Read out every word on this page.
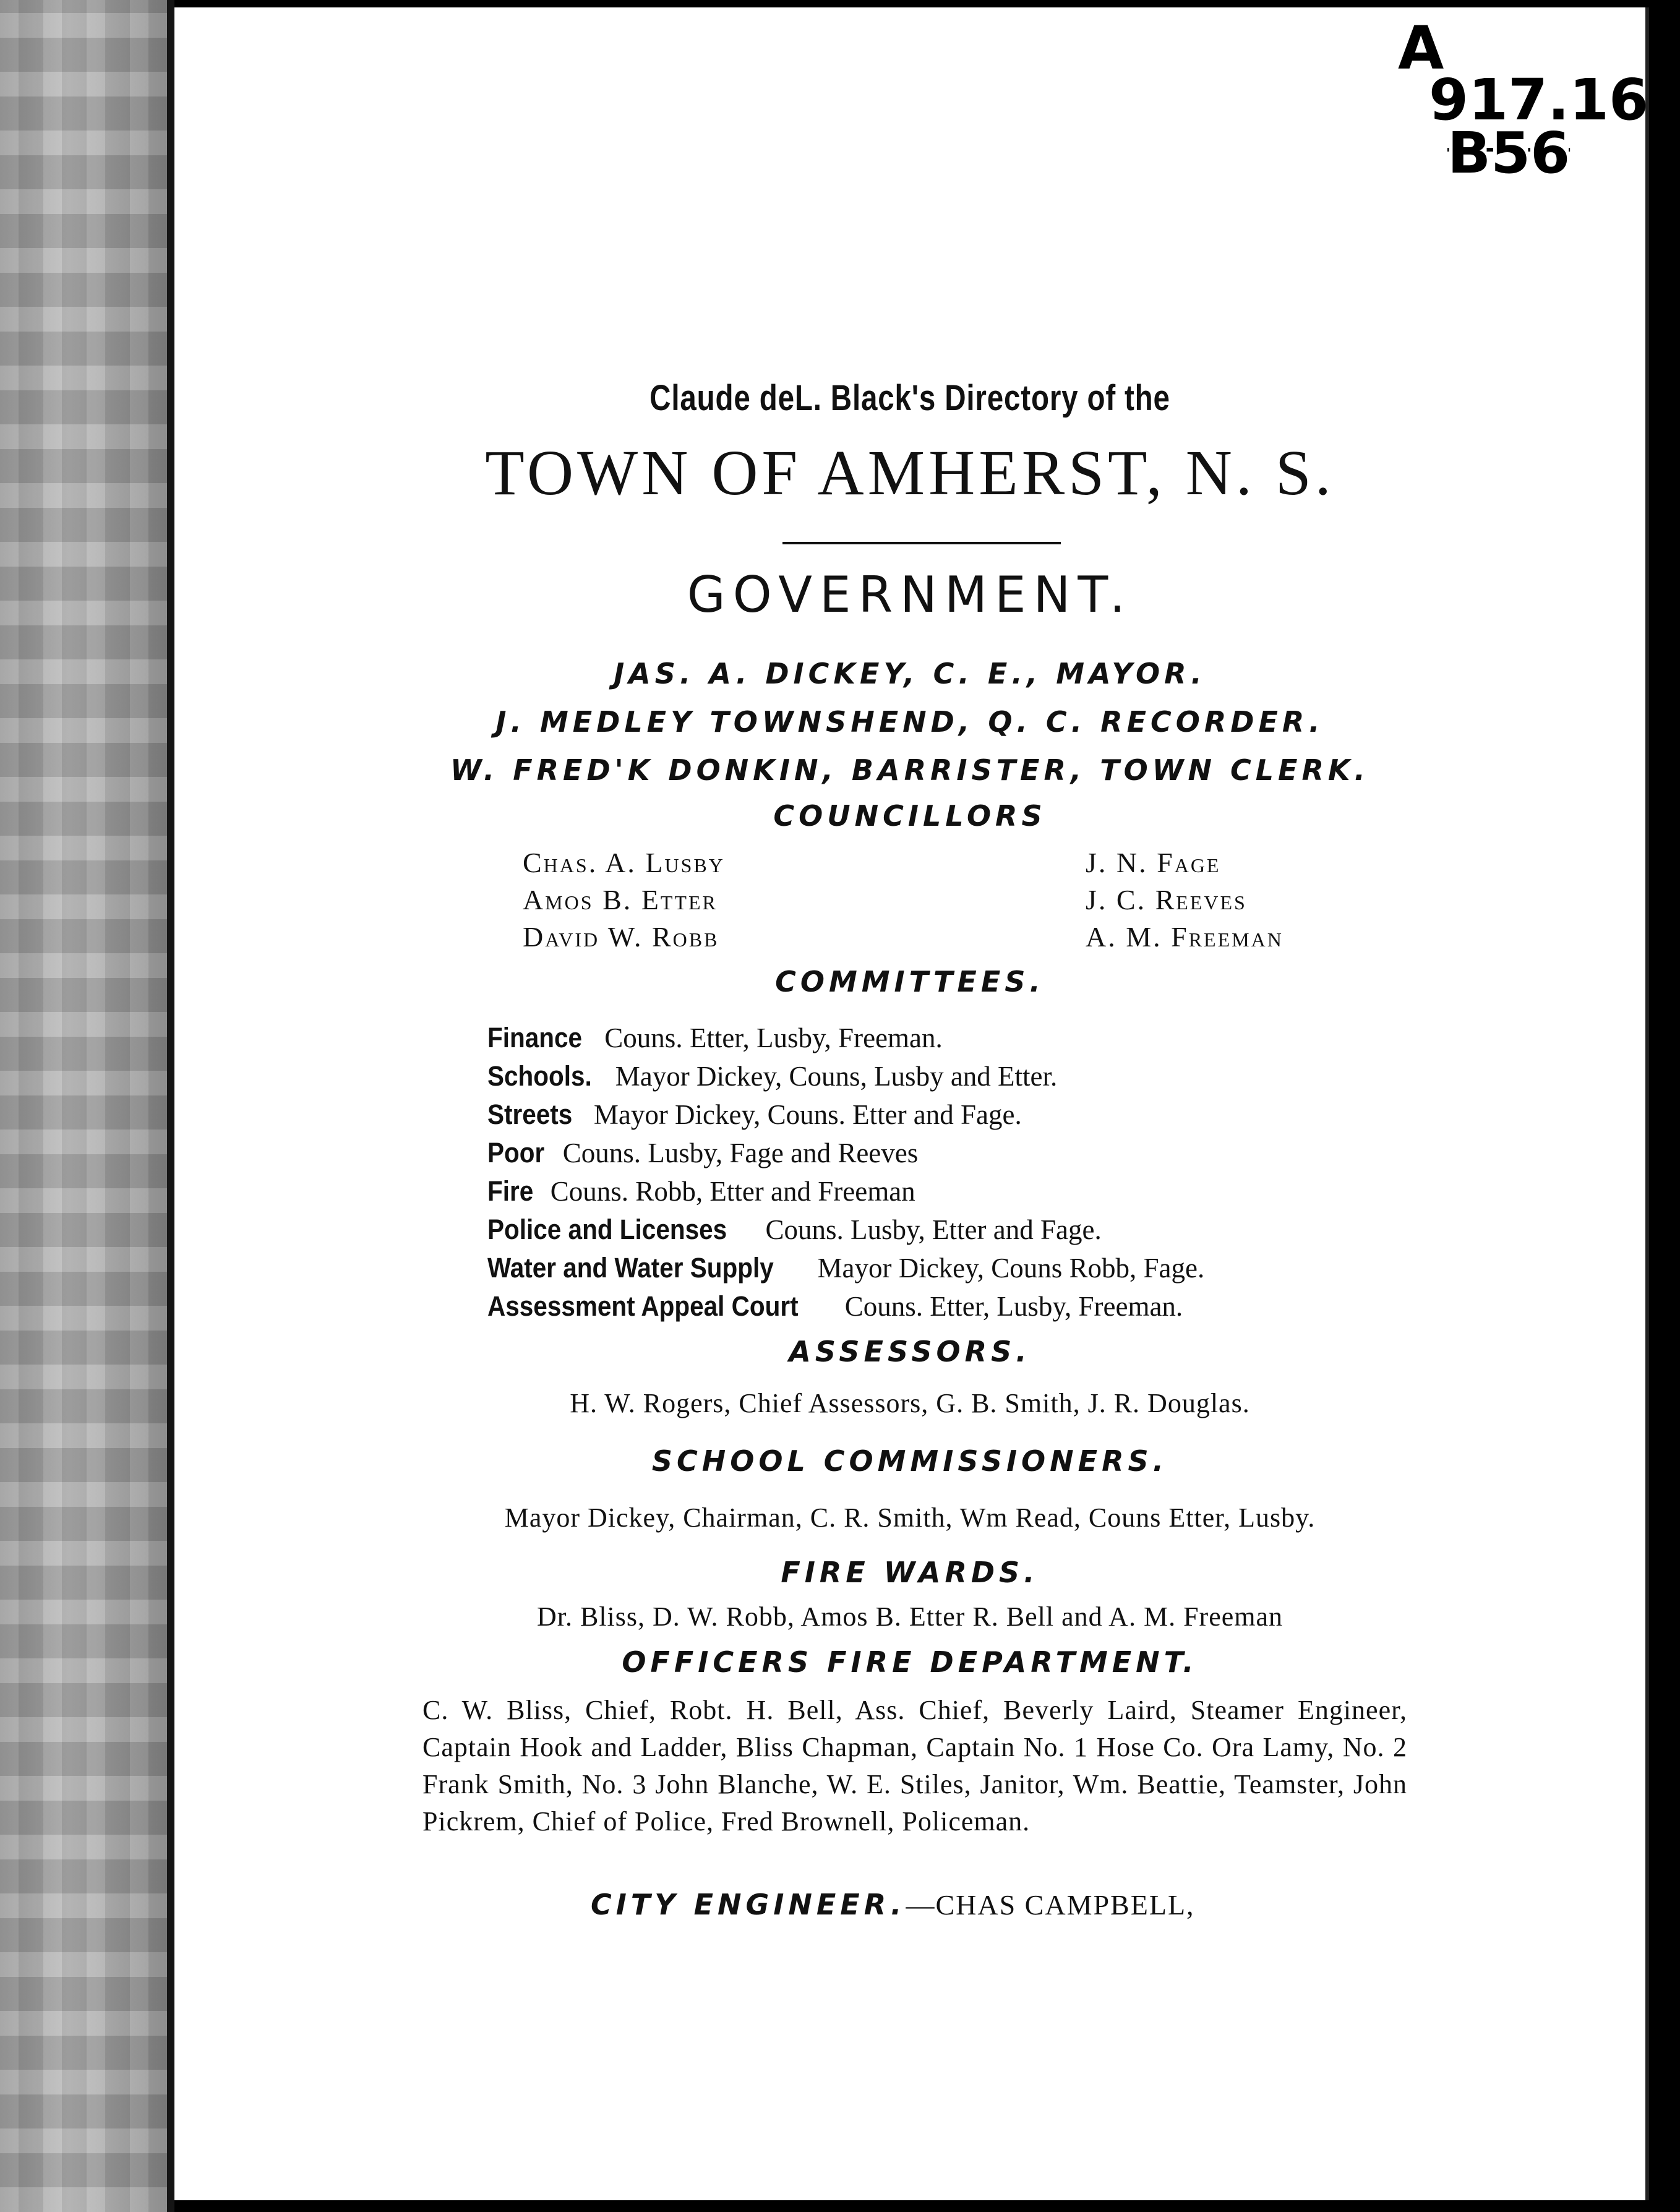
A
917.16
B56
Claude deL. Black's Directory of the
TOWN OF AMHERST, N. S.
GOVERNMENT.
JAS. A. DICKEY, C. E., MAYOR.
J. MEDLEY TOWNSHEND, Q. C. RECORDER.
W. FRED'K DONKIN, BARRISTER, TOWN CLERK.
COUNCILLORS
Chas. A. Lusby
Amos B. Etter
David W. Robb
J. N. Fage
J. C. Reeves
A. M. Freeman
COMMITTEES.
Finance Couns. Etter, Lusby, Freeman.
Schools. Mayor Dickey, Couns, Lusby and Etter.
Streets Mayor Dickey, Couns. Etter and Fage.
Poor Couns. Lusby, Fage and Reeves
Fire Couns. Robb, Etter and Freeman
Police and Licenses Couns. Lusby, Etter and Fage.
Water and Water Supply Mayor Dickey, Couns Robb, Fage.
Assessment Appeal Court Couns. Etter, Lusby, Freeman.
ASSESSORS.
H. W. Rogers, Chief Assessors, G. B. Smith, J. R. Douglas.
SCHOOL COMMISSIONERS.
Mayor Dickey, Chairman, C. R. Smith, Wm Read, Couns Etter, Lusby.
FIRE WARDS.
Dr. Bliss, D. W. Robb, Amos B. Etter R. Bell and A. M. Freeman
OFFICERS FIRE DEPARTMENT.
C. W. Bliss, Chief, Robt. H. Bell, Ass. Chief, Beverly Laird, Steamer Engineer, Captain Hook and Ladder, Bliss Chapman, Captain No. 1 Hose Co. Ora Lamy, No. 2 Frank Smith, No. 3 John Blanche, W. E. Stiles, Janitor, Wm. Beattie, Teamster, John Pickrem, Chief of Police, Fred Brownell, Policeman.
CITY ENGINEER.—CHAS CAMPBELL,
